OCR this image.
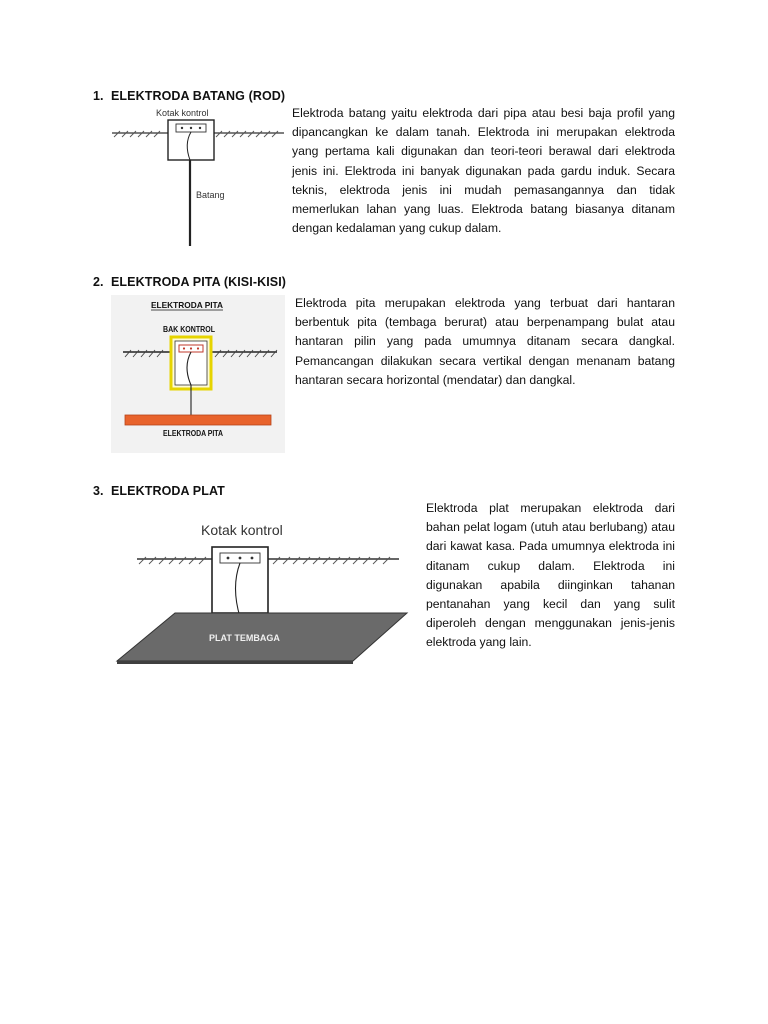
1. ELEKTRODA BATANG (ROD)
Kotak kontrol
Batang
Elektroda batang yaitu elektroda dari pipa atau besi baja profil yang dipancangkan ke dalam tanah. Elektroda ini merupakan elektroda yang pertama kali digunakan dan teori-teori berawal dari elektroda jenis ini. Elektroda ini banyak digunakan pada gardu induk. Secara teknis, elektroda jenis ini mudah pemasangannya dan tidak memerlukan lahan yang luas. Elektroda batang biasanya ditanam dengan kedalaman yang cukup dalam.
2. ELEKTRODA PITA (KISI-KISI)
ELEKTRODA PITA
BAK KONTROL
ELEKTRODA PITA
Elektroda pita merupakan elektroda yang terbuat dari hantaran berbentuk pita (tembaga berurat) atau berpenampang bulat atau hantaran pilin yang pada umumnya ditanam secara dangkal. Pemancangan dilakukan secara vertikal dengan menanam batang hantaran secara horizontal (mendatar) dan dangkal.
3. ELEKTRODA PLAT
Kotak kontrol
PLAT TEMBAGA
Elektroda plat merupakan elektroda dari bahan pelat logam (utuh atau berlubang) atau dari kawat kasa. Pada umumnya elektroda ini ditanam cukup dalam. Elektroda ini digunakan apabila diinginkan tahanan pentanahan yang kecil dan yang sulit diperoleh dengan menggunakan jenis-jenis elektroda yang lain.
